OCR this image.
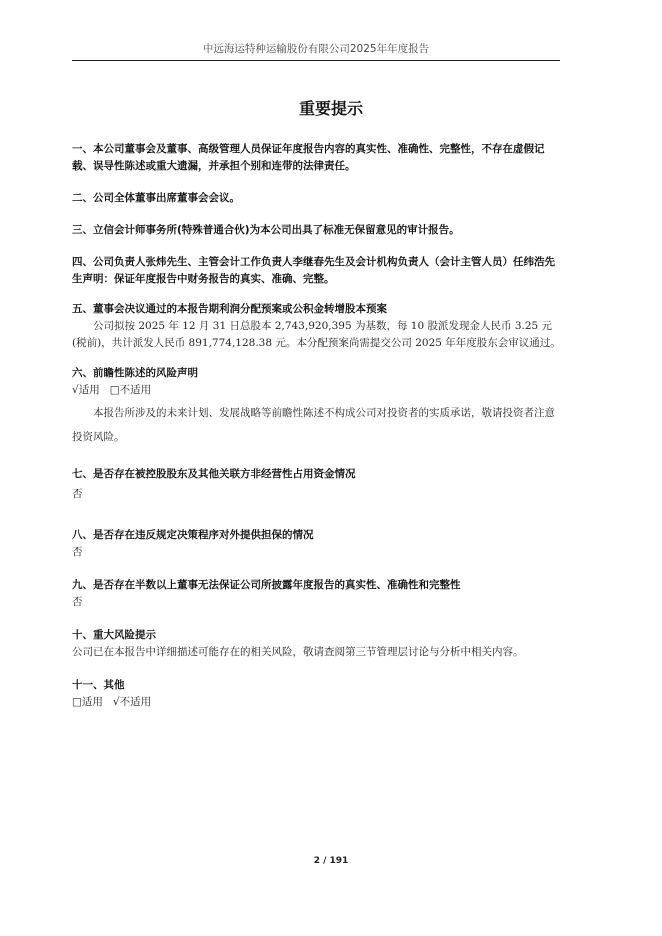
中远海运特种运输股份有限公司2025年年度报告
重要提示

一、本公司董事会及董事、高级管理人员保证年度报告内容的真实性、准确性、完整性，不存在虚假记载、误导性陈述或重大遗漏，并承担个别和连带的法律责任。

二、公司全体董事出席董事会会议。

三、立信会计师事务所(特殊普通合伙)为本公司出具了标准无保留意见的审计报告。

四、公司负责人张炜先生、主管会计工作负责人李继春先生及会计机构负责人（会计主管人员）任纬浩先生声明：保证年度报告中财务报告的真实、准确、完整。

五、董事会决议通过的本报告期利润分配预案或公积金转增股本预案

公司拟按 2025 年 12 月 31 日总股本 2,743,920,395 为基数，每 10 股派发现金人民币 3.25 元(税前)，共计派发人民币 891,774,128.38 元。本分配预案尚需提交公司 2025 年年度股东会审议通过。

六、前瞻性陈述的风险声明

√适用 □不适用

本报告所涉及的未来计划、发展战略等前瞻性陈述不构成公司对投资者的实质承诺，敬请投资者注意投资风险。

七、是否存在被控股股东及其他关联方非经营性占用资金情况

否

八、是否存在违反规定决策程序对外提供担保的情况

否

九、是否存在半数以上董事无法保证公司所披露年度报告的真实性、准确性和完整性

否

十、重大风险提示

公司已在本报告中详细描述可能存在的相关风险，敬请查阅第三节管理层讨论与分析中相关内容。

十一、其他

□适用 √不适用
2 / 191
